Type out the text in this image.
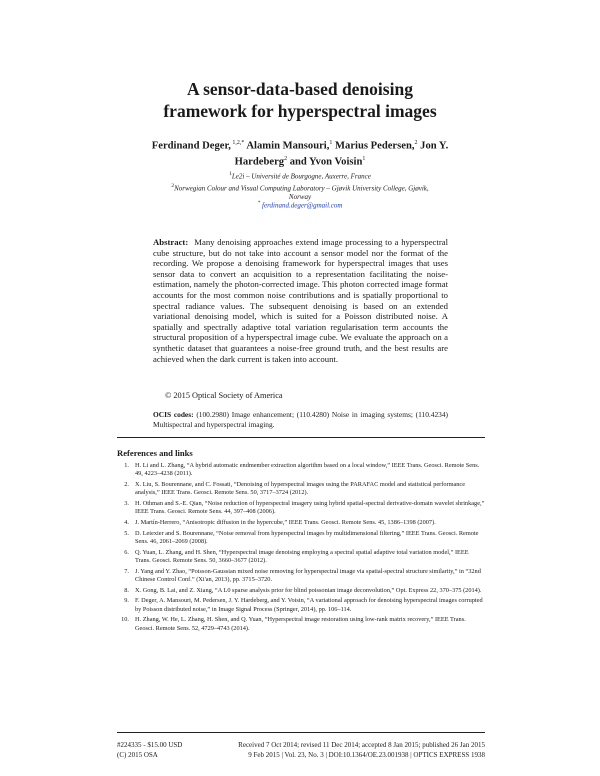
A sensor-data-based denoising
framework for hyperspectral images
Ferdinand Deger, $^{1,2,*}$ Alamin Mansouri,$^1$ Marius Pedersen,$^2$ Jon Y.
Hardeberg$^2$ and Yvon Voisin$^1$
$^1$Le2i – Université de Bourgogne, Auxerre, France
$^2$Norwegian Colour and Visual Computing Laboratory – Gjøvik University College, Gjøvik,
Norway
* ferdinand.deger@gmail.com
Abstract: Many denoising approaches extend image processing to a hyperspectral cube structure, but do not take into account a sensor model nor the format of the recording. We propose a denoising framework for hyperspectral images that uses sensor data to convert an acquisition to a representation facilitating the noise-estimation, namely the photon-corrected image. This photon corrected image format accounts for the most common noise contributions and is spatially proportional to spectral radiance values. The subsequent denoising is based on an extended variational denoising model, which is suited for a Poisson distributed noise. A spatially and spectrally adaptive total variation regularisation term accounts the structural proposition of a hyperspectral image cube. We evaluate the approach on a synthetic dataset that guarantees a noise-free ground truth, and the best results are achieved when the dark current is taken into account.
© 2015 Optical Society of America
OCIS codes: (100.2980) Image enhancement; (110.4280) Noise in imaging systems; (110.4234) Multispectral and hyperspectral imaging.
References and links
1. H. Li and L. Zhang, “A hybrid automatic endmember extraction algorithm based on a local window,” IEEE Trans. Geosci. Remote Sens. 49, 4223–4238 (2011).
2. X. Liu, S. Bourennane, and C. Fossati, “Denoising of hyperspectral images using the PARAFAC model and statistical performance analysis,” IEEE Trans. Geosci. Remote Sens. 50, 3717–3724 (2012).
3. H. Othman and S.-E. Qian, “Noise reduction of hyperspectral imagery using hybrid spatial-spectral derivative-domain wavelet shrinkage,” IEEE Trans. Geosci. Remote Sens. 44, 397–408 (2006).
4. J. Martín-Herrero, “Anisotropic diffusion in the hypercube,” IEEE Trans. Geosci. Remote Sens. 45, 1386–1398 (2007).
5. D. Letexier and S. Bourennane, “Noise removal from hyperspectral images by multidimensional filtering,” IEEE Trans. Geosci. Remote Sens. 46, 2061–2069 (2008).
6. Q. Yuan, L. Zhang, and H. Shen, “Hyperspectral image denoising employing a spectral spatial adaptive total variation model,” IEEE Trans. Geosci. Remote Sens. 50, 3660–3677 (2012).
7. J. Yang and Y. Zhao, “Poisson-Gaussian mixed noise removing for hyperspectral image via spatial-spectral structure similarity,” in “32nd Chinese Control Conf.” (Xi'an, 2013), pp. 3715–3720.
8. X. Gong, B. Lai, and Z. Xiang, “A L0 sparse analysis prior for blind poissonian image deconvolution,” Opt. Express 22, 370–375 (2014).
9. F. Deger, A. Mansouri, M. Pedersen, J. Y. Hardeberg, and Y. Voisin, “A variational approach for denoising hyperspectral images corrupted by Poisson distributed noise,” in Image Signal Process (Springer, 2014), pp. 106–114.
10. H. Zhang, W. He, L. Zhang, H. Shen, and Q. Yuan, “Hyperspectral image restoration using low-rank matrix recovery,” IEEE Trans. Geosci. Remote Sens. 52, 4729–4743 (2014).
#224335 - $15.00 USD
(C) 2015 OSA
Received 7 Oct 2014; revised 11 Dec 2014; accepted 8 Jan 2015; published 26 Jan 2015
9 Feb 2015 | Vol. 23, No. 3 | DOI:10.1364/OE.23.001938 | OPTICS EXPRESS 1938
